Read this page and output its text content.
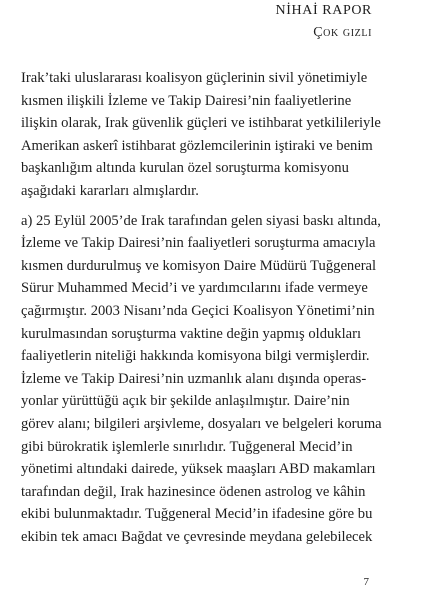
NİHAİ RAPOR
Çok gizli
Irak’taki uluslararası koalisyon güçlerinin sivil yönetimiyle
kısmen ilişkili İzleme ve Takip Dairesi’nin faaliyetlerine
ilişkin olarak, Irak güvenlik güçleri ve istihbarat yetkilileriyle
Amerikan askerî istihbarat gözlemcilerinin iştiraki ve benim
başkanlığım altında kurulan özel soruşturma komisyonu
aşağıdaki kararları almışlardır.
a) 25 Eylül 2005’de Irak tarafından gelen siyasi baskı altında,
İzleme ve Takip Dairesi’nin faaliyetleri soruşturma amacıyla
kısmen durdurulmuş ve komisyon Daire Müdürü Tuğgeneral
Sürur Muhammed Mecid’i ve yardımcılarını ifade vermeye
çağırmıştır. 2003 Nisanı’nda Geçici Koalisyon Yönetimi’nin
kurulmasından soruşturma vaktine değin yapmış oldukları
faaliyetlerin niteliği hakkında komisyona bilgi vermişlerdir.
İzleme ve Takip Dairesi’nin uzmanlık alanı dışında operas-
yonlar yürüttüğü açık bir şekilde anlaşılmıştır. Daire’nin
görev alanı; bilgileri arşivleme, dosyaları ve belgeleri koruma
gibi bürokratik işlemlerle sınırlıdır. Tuğgeneral Mecid’in
yönetimi altındaki dairede, yüksek maaşları ABD makamları
tarafından değil, Irak hazinesince ödenen astrolog ve kâhin
ekibi bulunmaktadır. Tuğgeneral Mecid’in ifadesine göre bu
ekibin tek amacı Bağdat ve çevresinde meydana gelebilecek
7
